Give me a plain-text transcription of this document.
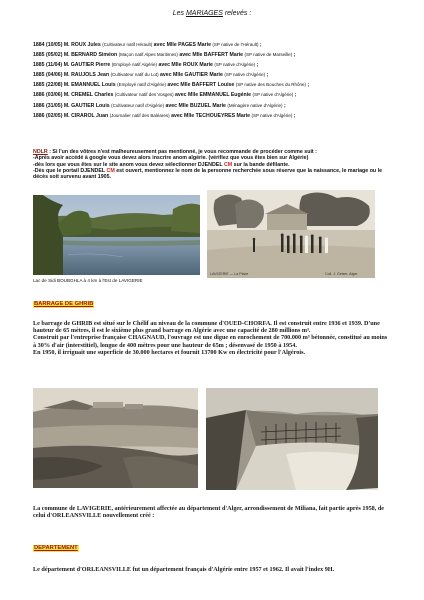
Les MARIAGES relevés :
1884 (10/05) M. ROUX Jules (Cultivateur natif Hérault) avec Mlle PAGES Marie (SP native de l'Hérault) ;
1885 (05/02) M. BERNARD Siméon (Maçon natif Alpes Maritimes) avec Mlle BAFFERT Marie (SP native de Marseille) ;
1885 (11/04) M. GAUTIER Pierre (Employé natif Algérie) avec Mlle ROUX Marie (SP native d'Algérie) ;
1885 (04/06) M. RAUJOLS Jean (Cultivateur natif du Lot) avec Mlle GAUTIER Marie (SP native d'Algérie) ;
1885 (22/08) M. EMANNUEL Louis (Employé natif d'Algérie) avec Mlle BAFFERT Louise (SP native des Bouches du Rhône) ;
1886 (03/06) M. CREMEL Charles (Cultivateur natif des Vosges) avec Mlle EMMANUEL Eugénie (SP native d'Algérie) ;
1886 (31/05) M. GAUTIER Louis (Cultivateur natif d'Algérie) avec Mlle BUZUEL Marie (Ménagère native d'Algérie) ;
1886 (02/05) M. CIRAROL Juan (Journalier natif des Baléares) avec Mlle TECHOUEYRES Marie (SP native d'Algérie) ;
NDLR : Si l'un des vôtres n'est malheureusement pas mentionné, je vous recommande de procéder comme suit :
-Après avoir accédé à google vous devez alors inscrire anom algérie. (vérifiez que vous êtes bien sur Algérie)
-dès lors que vous êtes sur le site anom vous devez sélectionner DJENDEL CM sur la bande défilante.
-Dès que le portail DJENDEL CM est ouvert, mentionnez le nom de la personne recherchée sous réserve que la naissance, le mariage ou le décès soit survenu avant 1905.
Lac de Sidi BOUBGHLA à 4 km à l'Est de LAVIGERIE
LAVIGERIE — La Place	Coll. J. Geiser, Alger
BARRAGE DE GHRIB

Le barrage de GHRIB est situé sur le Chélif au niveau de la commune d'OUED-CHORFA. Il est construit entre 1936 et 1939. D'une hauteur de 65 mètres, il est le sixième plus grand barrage en Algérie avec une capacité de 280 millions m³.

Construit par l'entreprise française CHAGNAUD, l'ouvrage est une digue en enrochement de 700.000 m³ bétonnée, constitué au moins à 30% d'air (interstitiel), longue de 400 mètres pour une hauteur de 65m ; désenvasé de 1950 à 1954.

En 1950, il irriguait une superficie de 30.000 hectares et fournit 13700 Kw en électricité pour l'Algérois.

La commune de LAVIGERIE, antérieurement affectée au département d'Alger, arrondissement de Miliana, fait partie après 1958, de celui d'ORLEANSVILLE nouvellement créé :

DEPARTEMENT

Le département d'ORLEANSVILLE fut un département français d'Algérie entre 1957 et 1962. Il avait l'index 9H.
